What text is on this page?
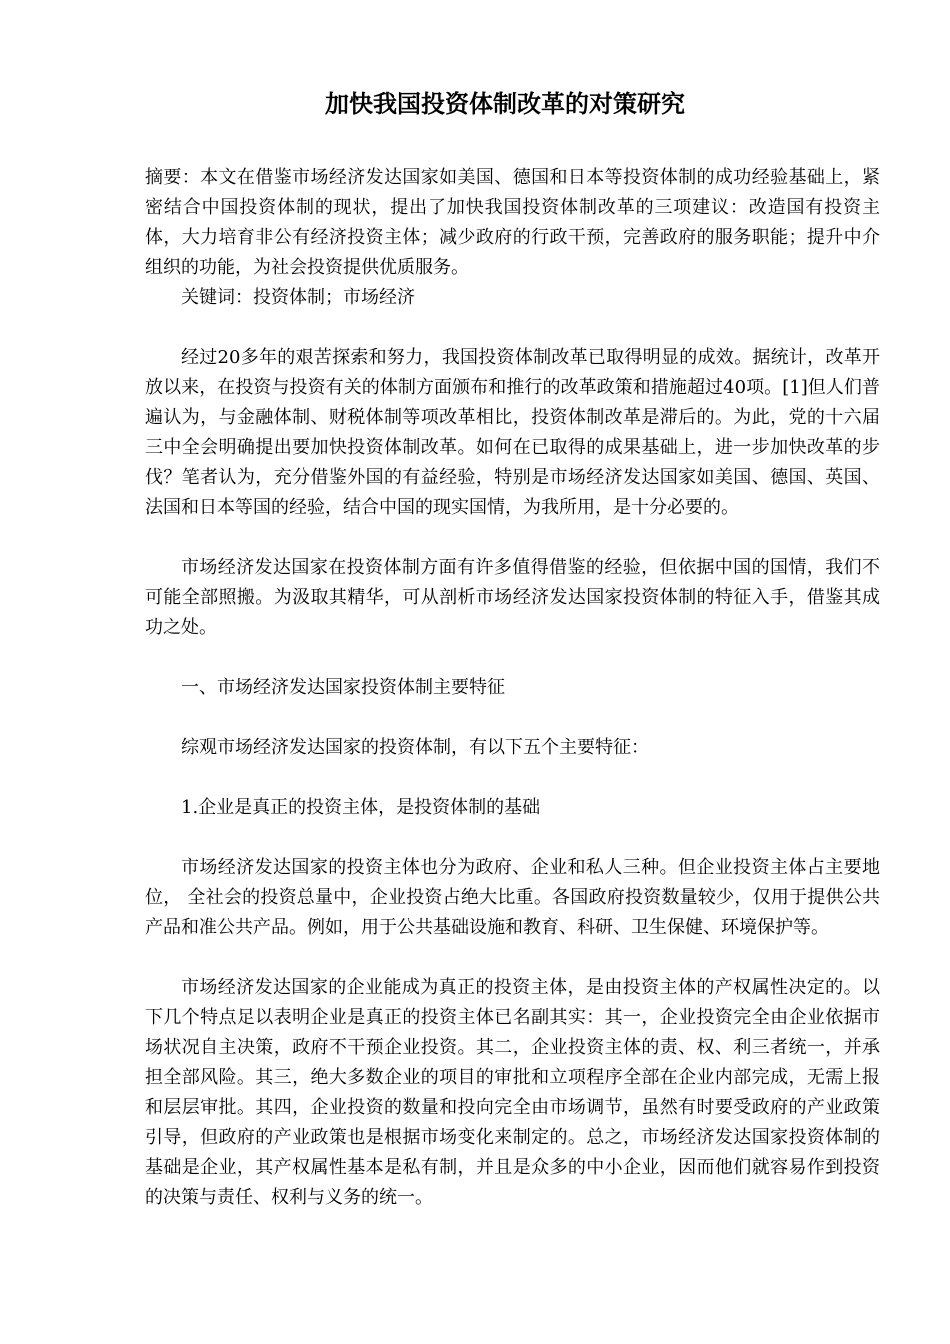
加快我国投资体制改革的对策研究

摘要：本文在借鉴市场经济发达国家如美国、德国和日本等投资体制的成功经验基础上，紧密结合中国投资体制的现状，提出了加快我国投资体制改革的三项建议：改造国有投资主体，大力培育非公有经济投资主体；减少政府的行政干预，完善政府的服务职能；提升中介组织的功能，为社会投资提供优质服务。

关键词：投资体制；市场经济

经过20多年的艰苦探索和努力，我国投资体制改革已取得明显的成效。据统计，改革开放以来，在投资与投资有关的体制方面颁布和推行的改革政策和措施超过40项。[1]但人们普遍认为，与金融体制、财税体制等项改革相比，投资体制改革是滞后的。为此，党的十六届三中全会明确提出要加快投资体制改革。如何在已取得的成果基础上，进一步加快改革的步伐？笔者认为，充分借鉴外国的有益经验，特别是市场经济发达国家如美国、德国、英国、法国和日本等国的经验，结合中国的现实国情，为我所用，是十分必要的。

市场经济发达国家在投资体制方面有许多值得借鉴的经验，但依据中国的国情，我们不可能全部照搬。为汲取其精华，可从剖析市场经济发达国家投资体制的特征入手，借鉴其成功之处。

一、市场经济发达国家投资体制主要特征

综观市场经济发达国家的投资体制，有以下五个主要特征：

1.企业是真正的投资主体，是投资体制的基础

市场经济发达国家的投资主体也分为政府、企业和私人三种。但企业投资主体占主要地位， 全社会的投资总量中，企业投资占绝大比重。各国政府投资数量较少，仅用于提供公共产品和准公共产品。例如，用于公共基础设施和教育、科研、卫生保健、环境保护等。

市场经济发达国家的企业能成为真正的投资主体，是由投资主体的产权属性决定的。以下几个特点足以表明企业是真正的投资主体已名副其实：其一，企业投资完全由企业依据市场状况自主决策，政府不干预企业投资。其二，企业投资主体的责、权、利三者统一，并承担全部风险。其三，绝大多数企业的项目的审批和立项程序全部在企业内部完成，无需上报和层层审批。其四，企业投资的数量和投向完全由市场调节，虽然有时要受政府的产业政策引导，但政府的产业政策也是根据市场变化来制定的。总之，市场经济发达国家投资体制的基础是企业，其产权属性基本是私有制，并且是众多的中小企业，因而他们就容易作到投资的决策与责任、权利与义务的统一。
